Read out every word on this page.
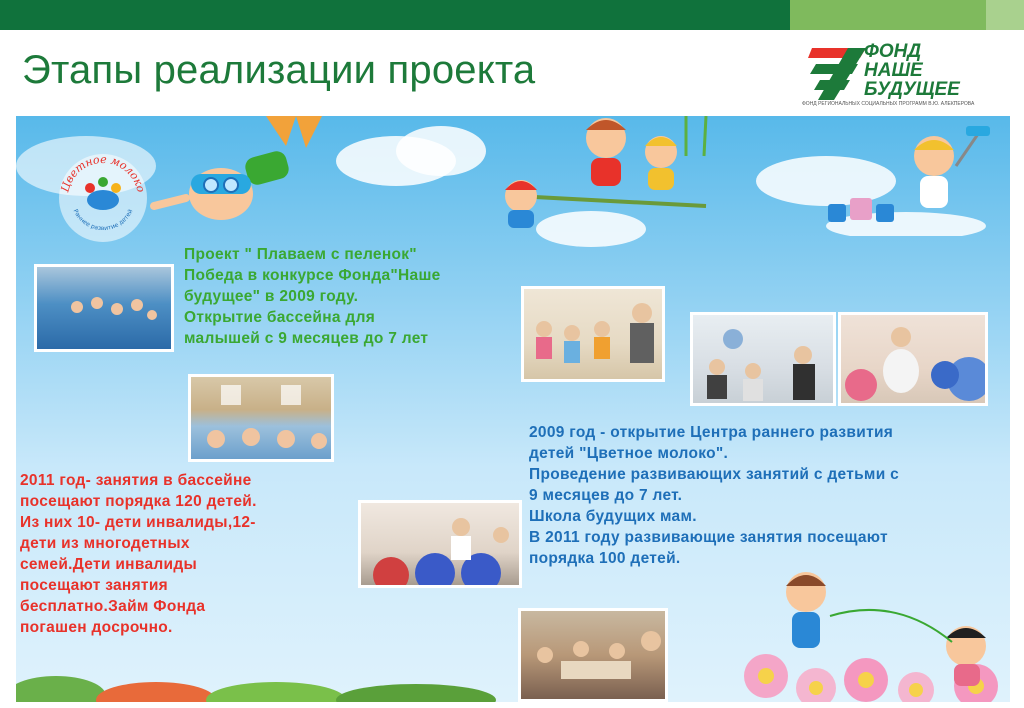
Этапы реализации проекта	ФОНД
НАШЕ
БУДУЩЕЕ
ФОНД РЕГИОНАЛЬНЫХ СОЦИАЛЬНЫХ ПРОГРАММ В.Ю. АЛЕКПЕРОВА
Цветное молоко
Раннее развитие детей

Проект " Плаваем с пеленок"
Победа в конкурсе Фонда"Наше
будущее" в 2009 году.
Открытие бассейна для
малышей с 9 месяцев до 7 лет

2009 год - открытие Центра раннего развития
детей "Цветное молоко".
Проведение развивающих занятий с детьми с
9 месяцев до 7 лет.
Школа будущих мам.
В 2011 году развивающие занятия посещают
порядка 100 детей.

2011 год- занятия в бассейне
посещают порядка 120 детей.
Из них 10- дети инвалиды,12-
дети из многодетных
семей.Дети инвалиды
посещают занятия
бесплатно.Займ Фонда
погашен досрочно.
